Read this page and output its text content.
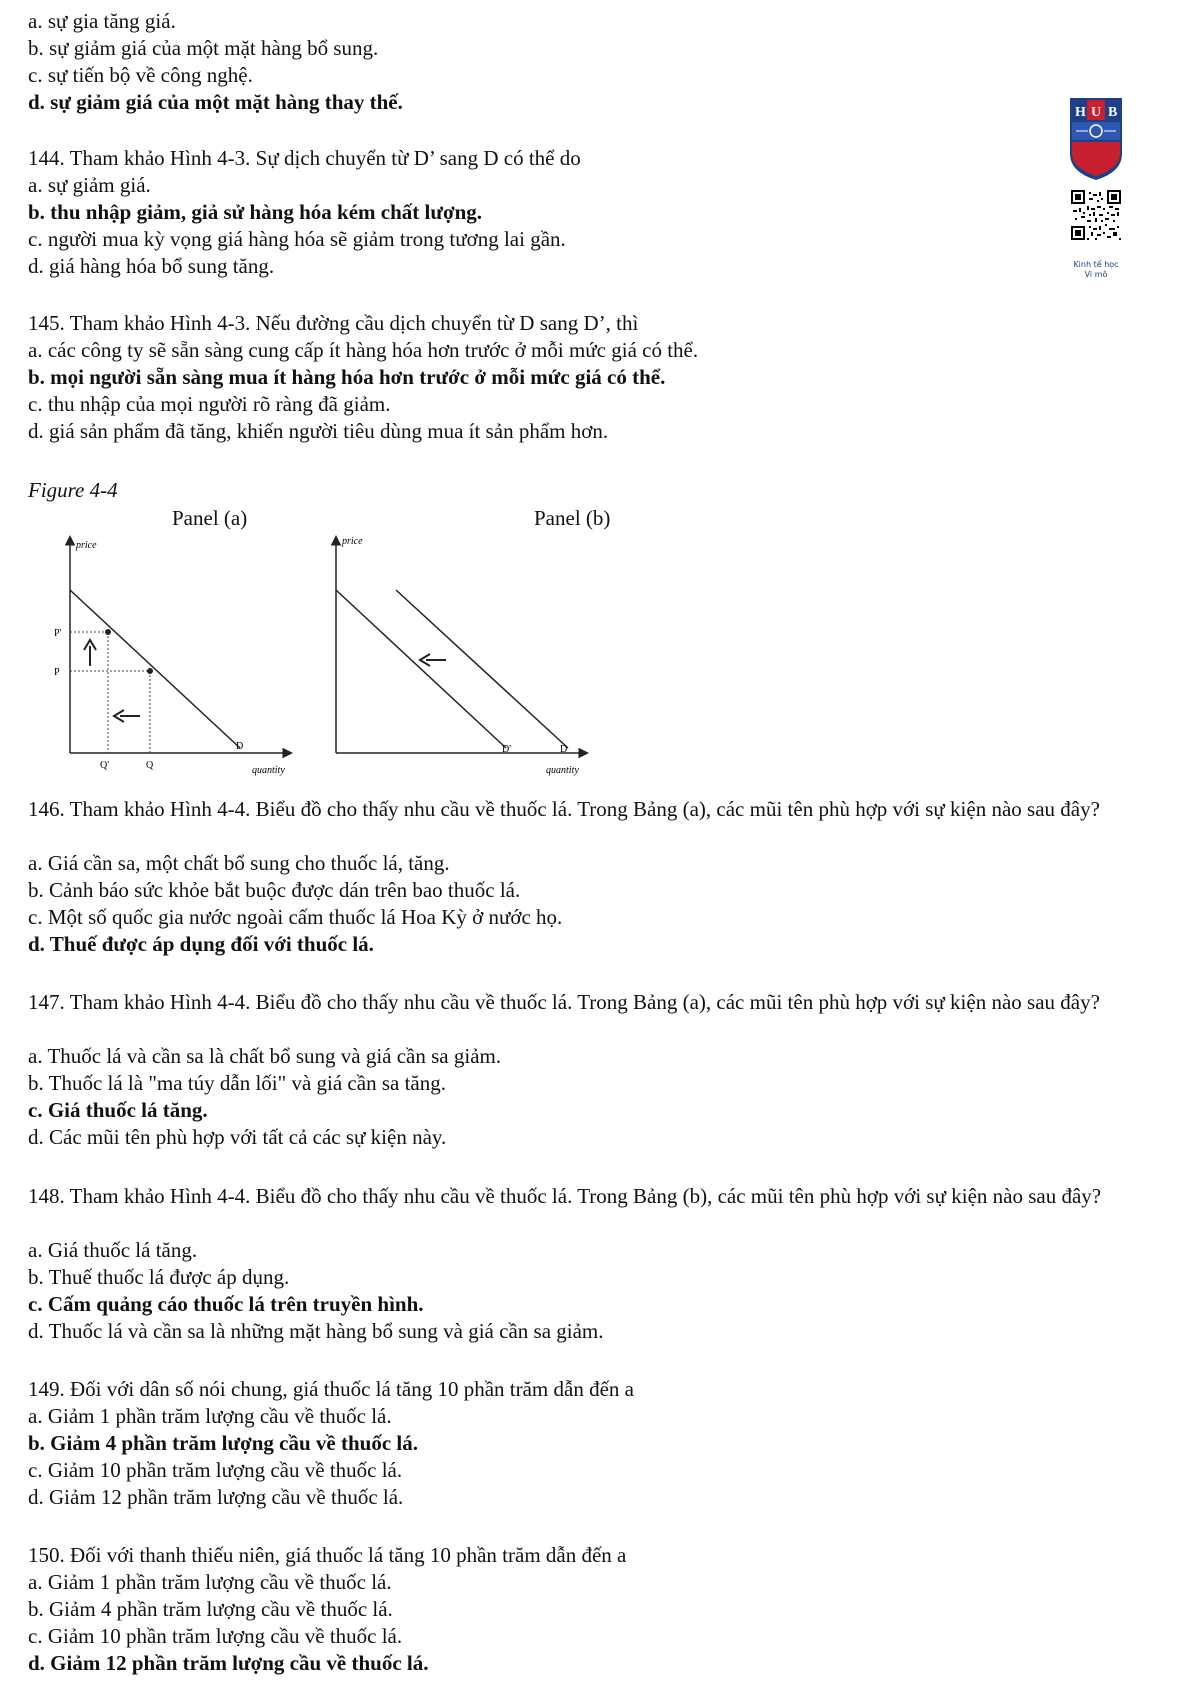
a. sự gia tăng giá.
b. sự giảm giá của một mặt hàng bổ sung.
c. sự tiến bộ về công nghệ.
d. sự giảm giá của một mặt hàng thay thế.
144. Tham khảo Hình 4-3. Sự dịch chuyển từ D’ sang D có thể do
a. sự giảm giá.
b. thu nhập giảm, giả sử hàng hóa kém chất lượng.
c. người mua kỳ vọng giá hàng hóa sẽ giảm trong tương lai gần.
d. giá hàng hóa bổ sung tăng.
145. Tham khảo Hình 4-3. Nếu đường cầu dịch chuyển từ D sang D’, thì
a. các công ty sẽ sẵn sàng cung cấp ít hàng hóa hơn trước ở mỗi mức giá có thể.
b. mọi người sẵn sàng mua ít hàng hóa hơn trước ở mỗi mức giá có thể.
c. thu nhập của mọi người rõ ràng đã giảm.
d. giá sản phẩm đã tăng, khiến người tiêu dùng mua ít sản phẩm hơn.
Figure 4-4
Panel (a)	Panel (b)
price
quantity
D
P'
P
Q'	Q
price
quantity
D'	D
146. Tham khảo Hình 4-4. Biểu đồ cho thấy nhu cầu về thuốc lá. Trong Bảng (a), các mũi tên phù hợp với sự kiện nào sau đây?
a. Giá cần sa, một chất bổ sung cho thuốc lá, tăng.
b. Cảnh báo sức khỏe bắt buộc được dán trên bao thuốc lá.
c. Một số quốc gia nước ngoài cấm thuốc lá Hoa Kỳ ở nước họ.
d. Thuế được áp dụng đối với thuốc lá.
147. Tham khảo Hình 4-4. Biểu đồ cho thấy nhu cầu về thuốc lá. Trong Bảng (a), các mũi tên phù hợp với sự kiện nào sau đây?
a. Thuốc lá và cần sa là chất bổ sung và giá cần sa giảm.
b. Thuốc lá là "ma túy dẫn lối" và giá cần sa tăng.
c. Giá thuốc lá tăng.
d. Các mũi tên phù hợp với tất cả các sự kiện này.
148. Tham khảo Hình 4-4. Biểu đồ cho thấy nhu cầu về thuốc lá. Trong Bảng (b), các mũi tên phù hợp với sự kiện nào sau đây?
a. Giá thuốc lá tăng.
b. Thuế thuốc lá được áp dụng.
c. Cấm quảng cáo thuốc lá trên truyền hình.
d. Thuốc lá và cần sa là những mặt hàng bổ sung và giá cần sa giảm.
149. Đối với dân số nói chung, giá thuốc lá tăng 10 phần trăm dẫn đến a
a. Giảm 1 phần trăm lượng cầu về thuốc lá.
b. Giảm 4 phần trăm lượng cầu về thuốc lá.
c. Giảm 10 phần trăm lượng cầu về thuốc lá.
d. Giảm 12 phần trăm lượng cầu về thuốc lá.
150. Đối với thanh thiếu niên, giá thuốc lá tăng 10 phần trăm dẫn đến a
a. Giảm 1 phần trăm lượng cầu về thuốc lá.
b. Giảm 4 phần trăm lượng cầu về thuốc lá.
c. Giảm 10 phần trăm lượng cầu về thuốc lá.
d. Giảm 12 phần trăm lượng cầu về thuốc lá.
H U B
Kinh tế học
Vi mô
